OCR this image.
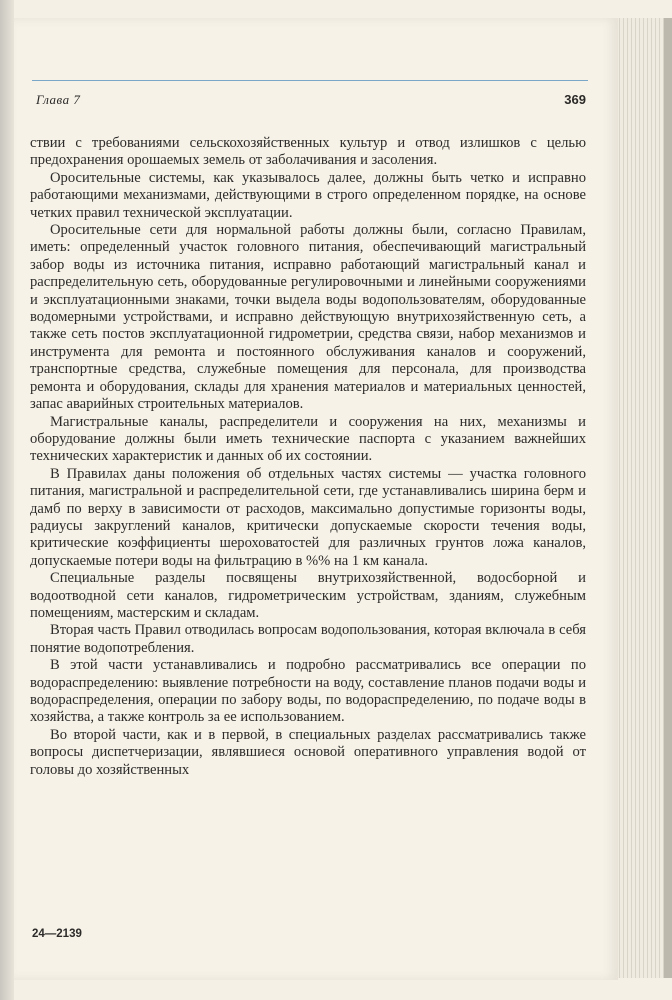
Глава 7	369

ствии с требованиями сельскохозяйственных культур и отвод излишков с целью предохранения орошаемых земель от заболачивания и засоления.

Оросительные системы, как указывалось далее, должны быть четко и исправно работающими механизмами, действующими в строго определенном порядке, на основе четких правил технической эксплуатации.

Оросительные сети для нормальной работы должны были, согласно Правилам, иметь: определенный участок головного питания, обеспечивающий магистральный забор воды из источника питания, исправно работающий магистральный канал и распределительную сеть, оборудованные регулировочными и линейными сооружениями и эксплуатационными знаками, точки выдела воды водопользователям, оборудованные водомерными устройствами, и исправно действующую внутрихозяйственную сеть, а также сеть постов эксплуатационной гидрометрии, средства связи, набор механизмов и инструмента для ремонта и постоянного обслуживания каналов и сооружений, транспортные средства, служебные помещения для персонала, для производства ремонта и оборудования, склады для хранения материалов и материальных ценностей, запас аварийных строительных материалов.

Магистральные каналы, распределители и сооружения на них, механизмы и оборудование должны были иметь технические паспорта с указанием важнейших технических характеристик и данных об их состоянии.

В Правилах даны положения об отдельных частях системы — участка головного питания, магистральной и распределительной сети, где устанавливались ширина берм и дамб по верху в зависимости от расходов, максимально допустимые горизонты воды, радиусы закруглений каналов, критически допускаемые скорости течения воды, критические коэффициенты шероховатостей для различных грунтов ложа каналов, допускаемые потери воды на фильтрацию в %% на 1 км канала.

Специальные разделы посвящены внутрихозяйственной, водосборной и водоотводной сети каналов, гидрометрическим устройствам, зданиям, служебным помещениям, мастерским и складам.

Вторая часть Правил отводилась вопросам водопользования, которая включала в себя понятие водопотребления.

В этой части устанавливались и подробно рассматривались все операции по водораспределению: выявление потребности на воду, составление планов подачи воды и водораспределения, операции по забору воды, по водораспределению, по подаче воды в хозяйства, а также контроль за ее использованием.

Во второй части, как и в первой, в специальных разделах рассматривались также вопросы диспетчеризации, являвшиеся основой оперативного управления водой от головы до хозяйственных

24—2139
